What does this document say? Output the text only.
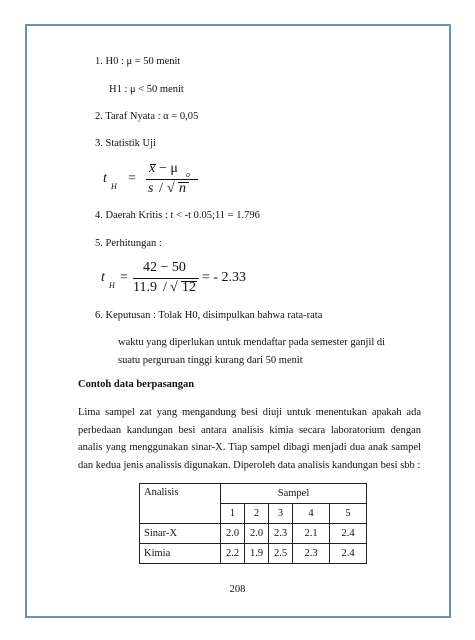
1. H0 : μ = 50 menit
H1 : μ < 50 menit
2. Taraf Nyata : α = 0,05
3. Statistik Uji
t
H
=
x − μ o
s / √ n
4. Daerah Kritis : t < -t 0.05;11 = 1.796
5. Perhitungan :
t
H
=
42 − 50
11.9 / √ 12
= - 2.33
6. Keputusan : Tolak H0, disimpulkan bahwa rata-rata
waktu yang diperlukan untuk mendaftar pada semester ganjil di
suatu perguruan tinggi kurang dari 50 menit
Contoh data berpasangan
Lima sampel zat yang mengandung besi diuji untuk menentukan apakah ada perbedaan kandungan besi antara analisis kimia secara laboratorium dengan analis yang menggunakan sinar-X. Tiap sampel dibagi menjadi dua anak sampel dan kedua jenis analissis digunakan. Diperoleh data analisis kandungan besi sbb :
Analisis	Sampel				
	1	2	3	4	5
Sinar-X	2.0	2.0	2.3	2.1	2.4
Kimia	2.2	1.9	2.5	2.3	2.4
208
